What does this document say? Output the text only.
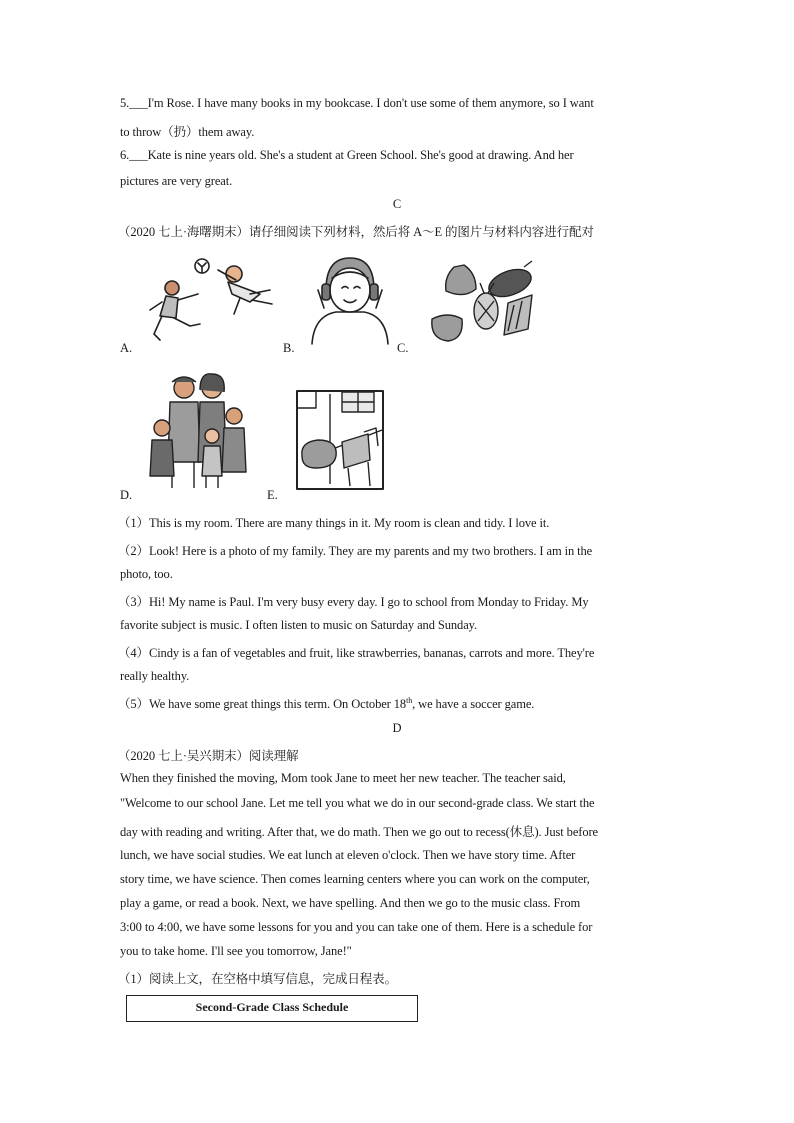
5.___I'm Rose. I have many books in my bookcase. I don't use some of them anymore, so I want
to throw（扔）them away.
6.___Kate is nine years old. She's a student at Green School. She's good at drawing. And her
pictures are very great.
C
（2020 七上·海曙期末）请仔细阅读下列材料，然后将 A～E 的图片与材料内容进行配对
A.	B.	C.
D.	E.
（1）This is my room. There are many things in it. My room is clean and tidy. I love it.
（2）Look! Here is a photo of my family. They are my parents and my two brothers. I am in the
photo, too.
（3）Hi! My name is Paul. I'm very busy every day. I go to school from Monday to Friday. My
favorite subject is music. I often listen to music on Saturday and Sunday.
（4）Cindy is a fan of vegetables and fruit, like strawberries, bananas, carrots and more. They're
really healthy.
（5）We have some great things this term. On October 18th, we have a soccer game.
D
（2020 七上·吴兴期末）阅读理解
When they finished the moving, Mom took Jane to meet her new teacher. The teacher said,
"Welcome to our school Jane. Let me tell you what we do in our second-grade class. We start the
day with reading and writing. After that, we do math. Then we go out to recess(休息). Just before
lunch, we have social studies. We eat lunch at eleven o'clock. Then we have story time. After
story time, we have science. Then comes learning centers where you can work on the computer,
play a game, or read a book. Next, we have spelling. And then we go to the music class. From
3:00 to 4:00, we have some lessons for you and you can take one of them. Here is a schedule for
you to take home. I'll see you tomorrow, Jane!"
（1）阅读上文，在空格中填写信息，完成日程表。
Second-Grade Class Schedule
